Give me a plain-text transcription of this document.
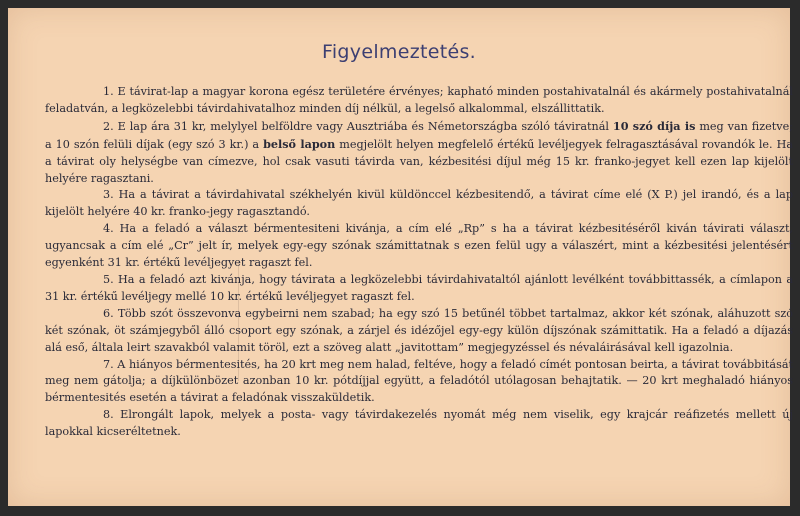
Figyelmeztetés.

1. E távirat-lap a magyar korona egész területére érvényes; kapható minden postahivatalnál és akármely postahivatalnál feladatván, a legközelebbi távirdahivatalhoz minden díj nélkül, a legelső alkalommal, elszállittatik.

2. E lap ára 31 kr, melylyel belföldre vagy Ausztriába és Németországba szóló táviratnál 10 szó díja is meg van fizetve; a 10 szón felüli díjak (egy szó 3 kr.) a belső lapon megjelölt helyen megfelelő értékű levéljegyek felragasztásával rovandók le. Ha a távirat oly helységbe van címezve, hol csak vasuti távirda van, kézbesitési díjul még 15 kr. franko-jegyet kell ezen lap kijelölt helyére ragasztani.

3. Ha a távirat a távirdahivatal székhelyén kivül küldönccel kézbesitendő, a távirat címe elé (X P.) jel irandó, és a lap kijelölt helyére 40 kr. franko-jegy ragasztandó.

4. Ha a feladó a választ bérmentesiteni kivánja, a cím elé „Rp” s ha a távirat kézbesitéséről kiván távirati választ, ugyancsak a cím elé „Cr” jelt ír, melyek egy-egy szónak számittatnak s ezen felül ugy a válaszért, mint a kézbesitési jelentésért egyenként 31 kr. értékű levéljegyet ragaszt fel.

5. Ha a feladó azt kivánja, hogy távirata a legközelebbi távirdahivataltól ajánlott levélként továbbittassék, a címlapon a 31 kr. értékű levéljegy mellé 10 kr. értékű levéljegyet ragaszt fel.

6. Több szót összevonva egybeirni nem szabad; ha egy szó 15 betűnél többet tartalmaz, akkor két szónak, aláhuzott szó két szónak, öt számjegyből álló csoport egy szónak, a zárjel és idézőjel egy-egy külön díjszónak számittatik. Ha a feladó a díjazás alá eső, általa leirt szavakból valamit töröl, ezt a szöveg alatt „javitottam” megjegyzéssel és névaláirásával kell igazolnia.

7. A hiányos bérmentesités, ha 20 krt meg nem halad, feltéve, hogy a feladó címét pontosan beirta, a távirat továbbitását meg nem gátolja; a díjkülönbözet azonban 10 kr. pótdíjjal együtt, a feladótól utólagosan behajtatik. — 20 krt meghaladó hiányos bérmentesités esetén a távirat a feladónak visszaküldetik.

8. Elrongált lapok, melyek a posta- vagy távirdakezelés nyomát még nem viselik, egy krajcár reáfizetés mellett új lapokkal kicseréltetnek.
